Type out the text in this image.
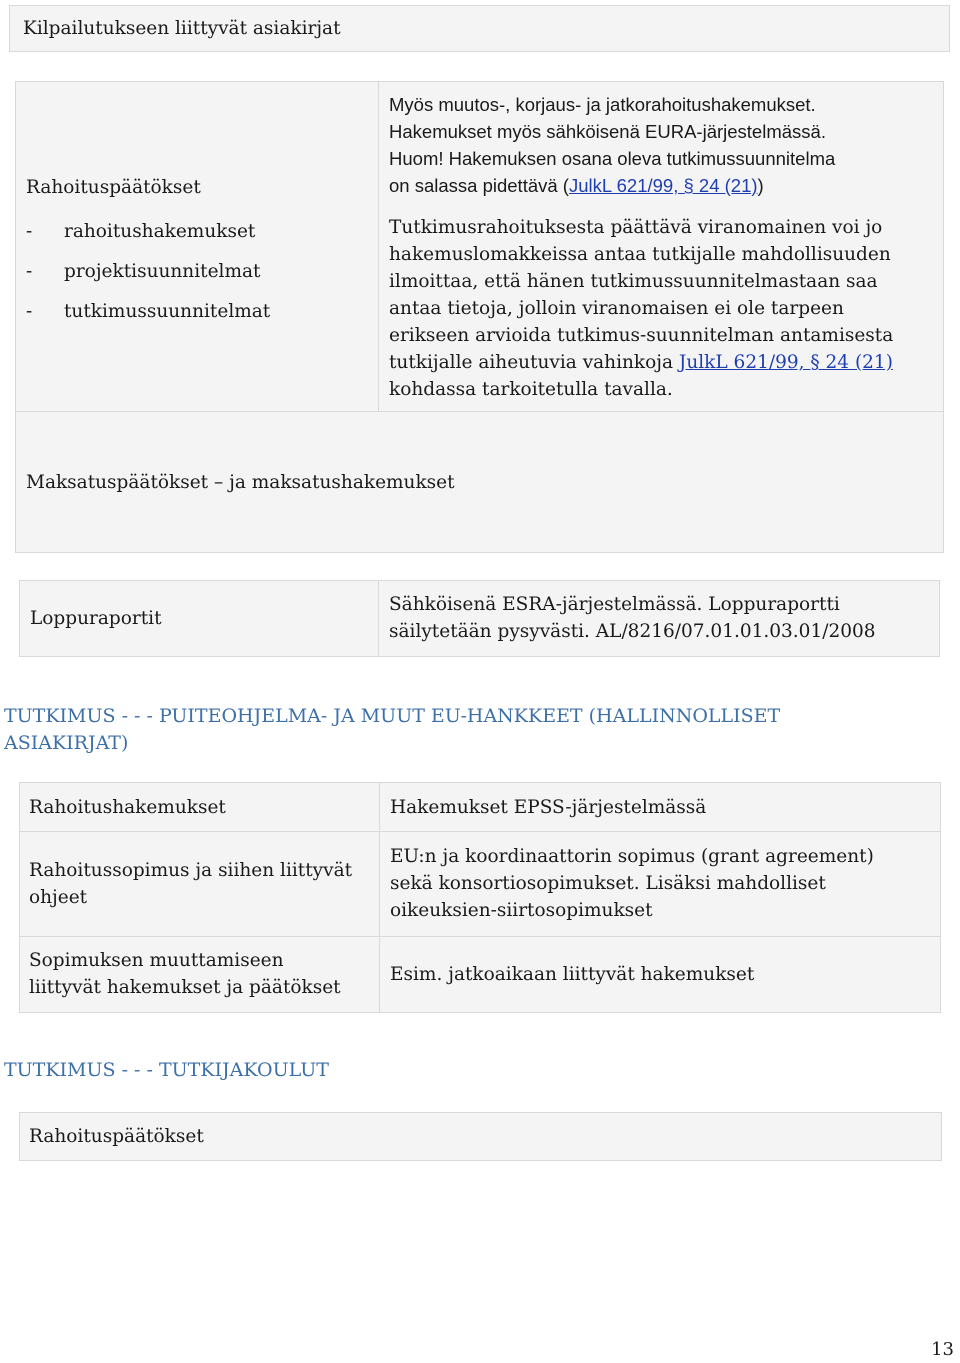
Kilpailutukseen liittyvät asiakirjat
Rahoituspäätökset
- rahoitushakemukset
- projektisuunnitelmat
- tutkimussuunnitelmat
Myös muutos-, korjaus- ja jatkorahoitushakemukset.
Hakemukset myös sähköisenä EURA-järjestelmässä.
Huom! Hakemuksen osana oleva tutkimussuunnitelma
on salassa pidettävä (JulkL 621/99, § 24 (21))
Tutkimusrahoituksesta päättävä viranomainen voi jo
hakemuslomakkeissa antaa tutkijalle mahdollisuuden
ilmoittaa, että hänen tutkimussuunnitelmastaan saa
antaa tietoja, jolloin viranomaisen ei ole tarpeen
erikseen arvioida tutkimus-suunnitelman antamisesta
tutkijalle aiheutuvia vahinkoja JulkL 621/99, § 24 (21)
kohdassa tarkoitetulla tavalla.
Maksatuspäätökset – ja maksatushakemukset
Loppuraportit
Sähköisenä ESRA-järjestelmässä. Loppuraportti
säilytetään pysyvästi. AL/8216/07.01.01.03.01/2008
TUTKIMUS - - - PUITEOHJELMA- JA MUUT EU-HANKKEET (HALLINNOLLISET
ASIAKIRJAT)
Rahoitushakemukset	Hakemukset EPSS-järjestelmässä
Rahoitussopimus ja siihen liittyvät
ohjeet
EU:n ja koordinaattorin sopimus (grant agreement)
sekä konsortiosopimukset. Lisäksi mahdolliset
oikeuksien-siirtosopimukset
Sopimuksen muuttamiseen
liittyvät hakemukset ja päätökset
Esim. jatkoaikaan liittyvät hakemukset
TUTKIMUS - - - TUTKIJAKOULUT
Rahoituspäätökset
13
